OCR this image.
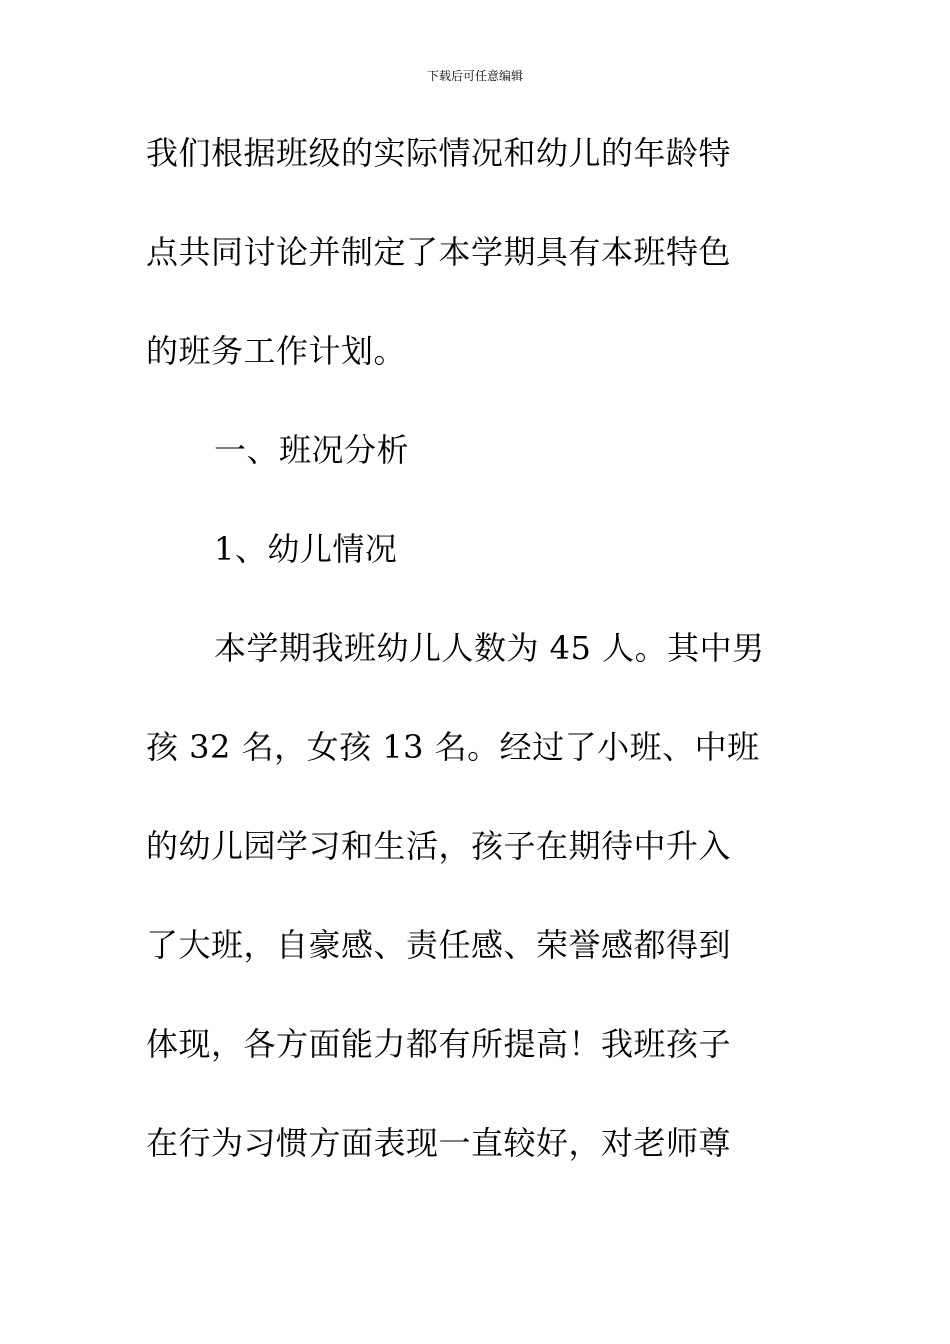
下载后可任意编辑
我们根据班级的实际情况和幼儿的年龄特
点共同讨论并制定了本学期具有本班特色
的班务工作计划。
一、班况分析
1、幼儿情况
本学期我班幼儿人数为 45 人。其中男
孩 32 名，女孩 13 名。经过了小班、中班
的幼儿园学习和生活，孩子在期待中升入
了大班，自豪感、责任感、荣誉感都得到
体现，各方面能力都有所提高！我班孩子
在行为习惯方面表现一直较好，对老师尊
